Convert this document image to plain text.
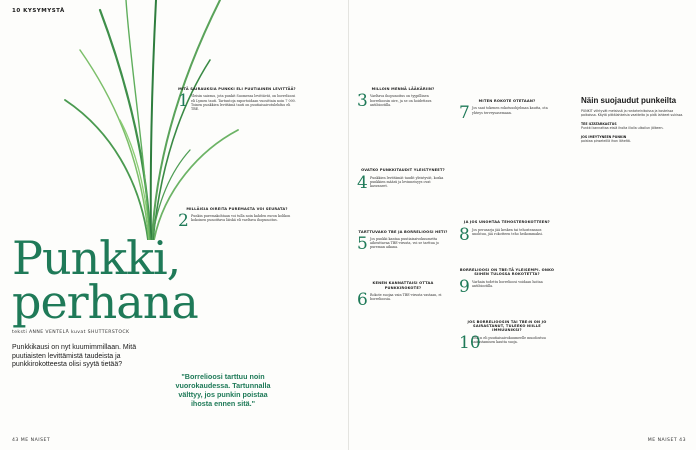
10 KYSYMYSTÄ
Punkki,
perhana
teksti ANNE VENTELÄ kuvat SHUTTERSTOCK
Punkkikausi on nyt kuumimmillaan. Mitä puutiaisten levittämistä taudeista ja punkkirokotteesta olisi syytä tietää?
MITÄ SAIRAUKSIA PUNKKI ELI PUUTIAINEN LEVITTÄÄ?
1 Yleisin sairaus, jota punkit Suomessa levittävät, on borrelioosi eli Lymen tauti. Tartuntoja raportoidaan vuosittain noin 7 000. Toinen punkkien levittämä tauti on puutiaisaivotulehdus eli TBE.
MILLÄISIA OIREITA PUREMASTA VOI SEURATA?
2 Punkin puremakohtaan voi tulla noin kahden euron kolikon kokoinen punoittava läiskä eli vaeltava ihopunoitus.
"Borrelioosi tarttuu noin vuorokaudessa. Tartunnalla välttyy, jos punkin poistaa ihosta ennen sitä."
43 ME NAISET
MILLOIN MENNÄ LÄÄKÄRIIN?
3 Vaeltava ihopunoitus on tyypillinen borrelioosin oire, ja se on hoidettava antibiootilla.
OVATKO PUNKKITAUDIT YLEISTYNEET?
4 Punkkien levittämät taudit yleistyvät, koska punkkien määrä ja levinneisyys ovat kasvaneet.
TARTTUVAKO TBE JA BORRELIOOSI HETI?
5 Jos punkki kantaa puutiaisaivokuumetta aiheuttavaa TBE-virusta, voi se tarttua jo pureman aikana.
KENEN KANNATTAISI OTTAA PUNKKIROKOTE?
6 Rokote suojaa vain TBE-virusta vastaan, ei borrelioosia.
MITEN ROKOTE OTETAAN?
7 Jos saat tokenen rokotusohjelman kautta, ota yhteys terveysasemaan.
JA JOS UNOHTAA TEHOSTEROKOTTEEN?
8 Jos perusarja jää kesken tai tehosteannos unohtuu, jää rokotteen teho heikommaksi.
BORRELIOOSI ON TBE:TÄ YLEISEMPI. ONKO SIIHEN TULOSSA ROKOTETTA?
9 Varhain todettu borrelioosi voidaan hoitaa antibiootilla.
JOS BORRELIOOSIN TAI TBE:N ON JO SAIRASTANUT, TULEEKO NIILLE IMMUUNIKSI?
10
TBE:n eli puutiaisaivokuumeelle muodostuu sairastamisen kautta suoja.
Näin suojaudut punkeilta
PUNKIT viihtyvät metsissä ja rantaheinikoissa ja kosteissa paikoissa. Käytä pitkälahkeisia vaatteita ja pidä lahkeet sukissa.
TEE ILTATARKASTUS
Punkki kannattaa etsiä iholta illalla ulkoilun jälkeen.
JOS IMEYTYNEEN PUNKIN
poistaa pinseteillä ihon läheltä.
ME NAISET 43
